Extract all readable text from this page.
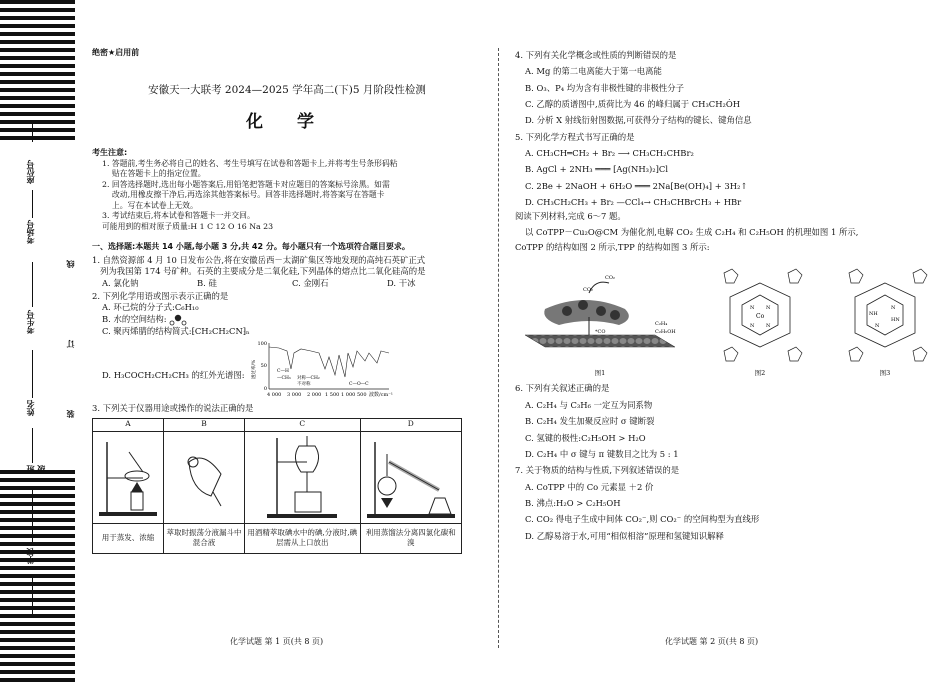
座位号
考场号
考生号
姓名
班级
线
订
装
学校
绝密★启用前
安徽天一大联考 2024—2025 学年高二(下)5 月阶段性检测
化 学
考生注意:

1. 答题前,考生务必将自己的姓名、考生号填写在试卷和答题卡上,并将考生号条形码粘

贴在答题卡上的指定位置。

2. 回答选择题时,选出每小题答案后,用铅笔把答题卡对应题目的答案标号涂黑。如需

改动,用橡皮擦干净后,再选涂其他答案标号。回答非选择题时,将答案写在答题卡

上。写在本试卷上无效。

3. 考试结束后,将本试卷和答题卡一并交回。

可能用到的相对原子质量:H 1 C 12 O 16 Na 23

一、选择题:本题共 14 小题,每小题 3 分,共 42 分。每小题只有一个选项符合题目要求。
1. 自然资源部 4 月 10 日发布公告,将在安徽岳西－太湖矿集区等地发现的高纯石英矿正式
列为我国第 174 号矿种。石英的主要成分是二氧化硅,下列晶体的熔点比二氧化硅高的是
A. 氯化钠	B. 硅	C. 金刚石	D. 干冰
2. 下列化学用语或图示表示正确的是
A. 环己烷的分子式:C₆H₁₀
B. 水的空间结构:
C. 聚丙烯腈的结构简式:⁅CH₂CH₂CN⁆ₙ
D. H₃COCH₂CH₂CH₃ 的红外光谱图:
100
50
0
透过率/%	C—H
—CH₃ 对称—CH₂
不对称	C—O—C
4 000 3 000 2 000 1 500 1 000 500 波数/cm⁻¹
3. 下列关于仪器用途或操作的说法正确的是
A	B	C	D

用于蒸发、浓缩	萃取时振荡分液漏斗中混合液	用酒精萃取碘水中的碘,分液时,碘层需从上口放出	利用蒸馏法分离四氯化碳和溴
4. 下列有关化学概念或性质的判断错误的是
A. Mg 的第二电离能大于第一电离能
B. O₃、P₄ 均为含有非极性键的非极性分子
C. 乙醇的质谱图中,质荷比为 46 的峰归属于 CH₃CH₂ȮH
D. 分析 X 射线衍射图数据,可获得分子结构的键长、键角信息
5. 下列化学方程式书写正确的是
A. CH₃CH═CH₂ + Br₂ ⟶ CH₃CH₂CHBr₂
B. AgCl + 2NH₃ ═══ [Ag(NH₃)₂]Cl
C. 2Be + 2NaOH + 6H₂O ═══ 2Na[Be(OH)₄] + 3H₂↑
D. CH₃CH₂CH₃ + Br₂ —CCl₄→ CH₃CHBrCH₃ + HBr
阅读下列材料,完成 6～7 题。
以 CoTPP－Cu₂O@CM 为催化剂,电解 CO₂ 生成 C₂H₄ 和 C₂H₅OH 的机理如图 1 所示,
CoTPP 的结构如图 2 所示,TPP 的结构如图 3 所示:
CO₂
CO₂
C₂H₄
C₂H₅OH
*CO
图1
Co
N N
N N
图2
NH
HN
N
N
图3
6. 下列有关叙述正确的是
A. C₂H₄ 与 C₃H₆ 一定互为同系物
B. C₂H₄ 发生加聚反应时 σ 键断裂
C. 氢键的极性:C₂H₅OH > H₂O
D. C₂H₄ 中 σ 键与 π 键数目之比为 5 : 1
7. 关于物质的结构与性质,下列叙述错误的是
A. CoTPP 中的 Co 元素显 ＋2 价
B. 沸点:H₂O > C₂H₅OH
C. CO₂ 得电子生成中间体 CO₂⁻,则 CO₂⁻ 的空间构型为直线形
D. 乙醇易溶于水,可用“相似相溶”原理和氢键知识解释
化学试题 第 1 页(共 8 页)	化学试题 第 2 页(共 8 页)
